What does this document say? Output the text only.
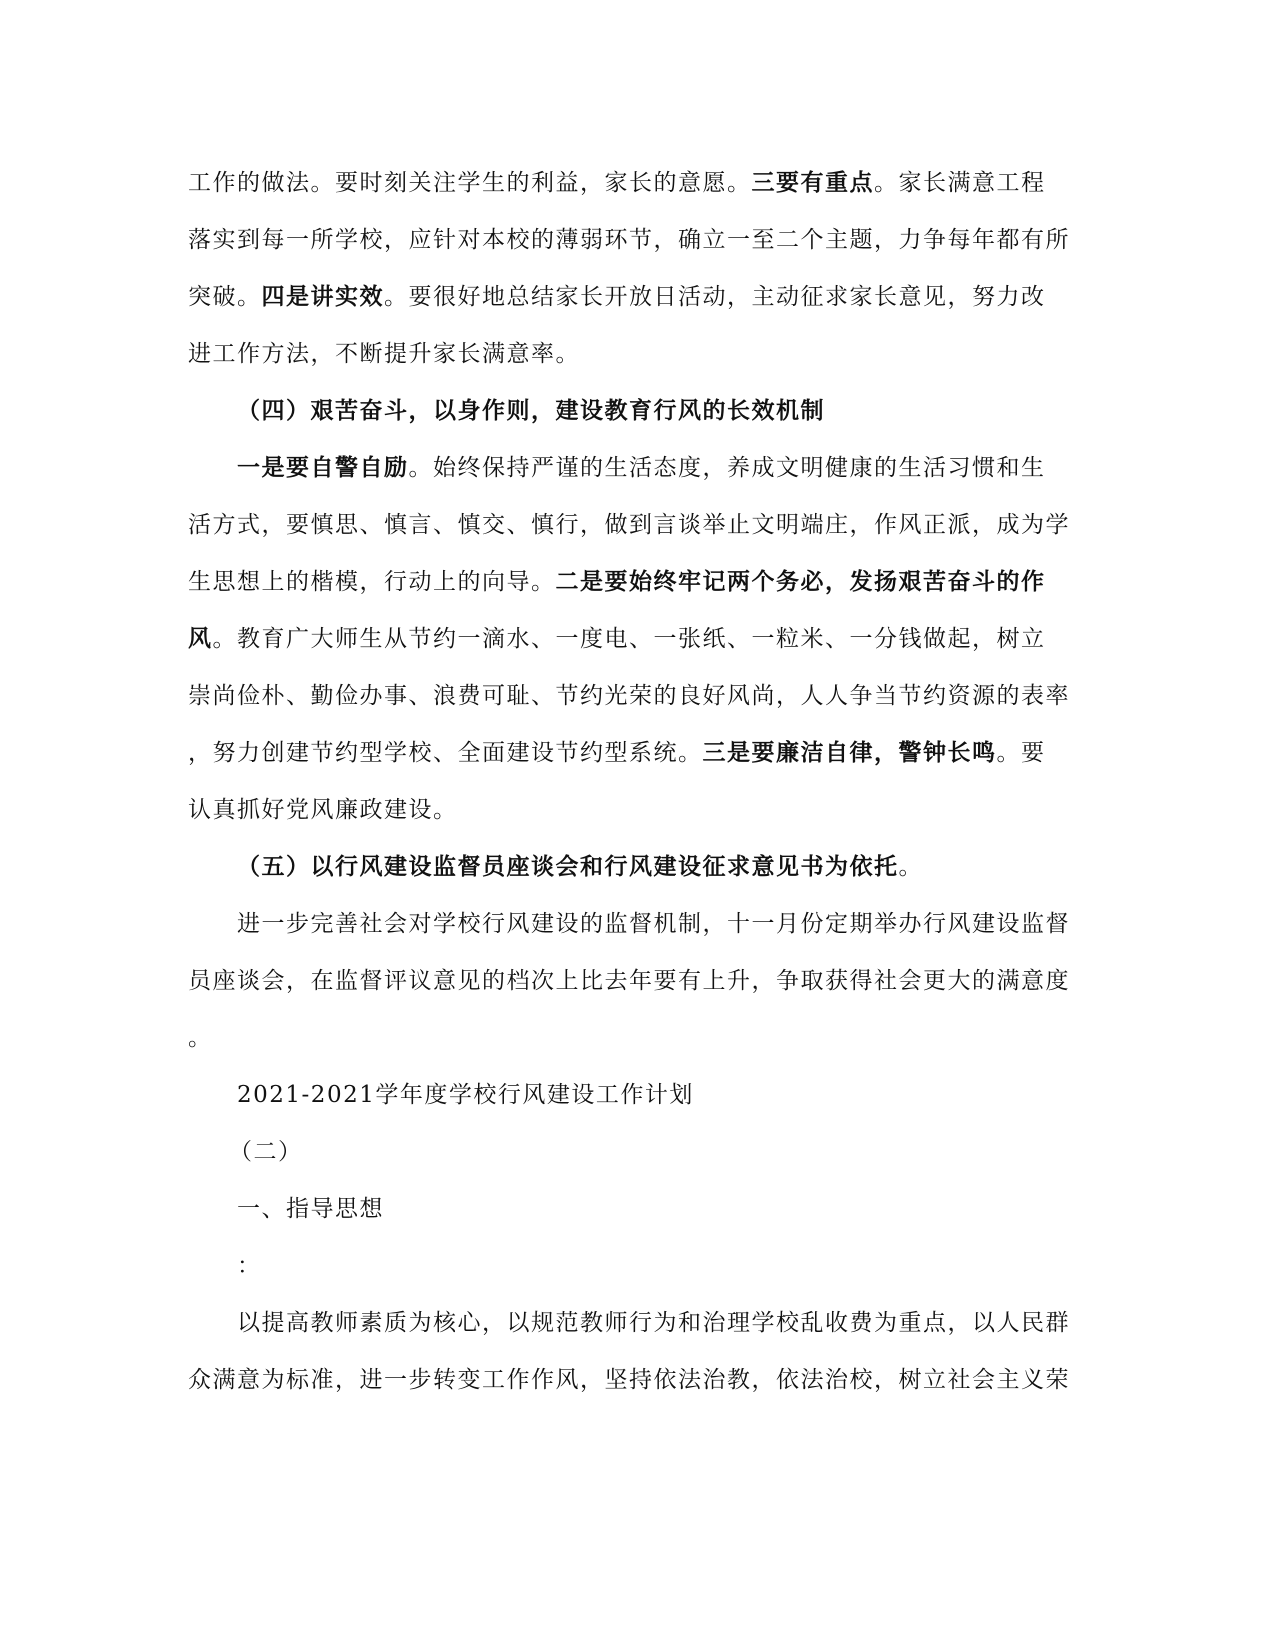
工作的做法。要时刻关注学生的利益，家长的意愿。三要有重点。家长满意工程
落实到每一所学校，应针对本校的薄弱环节，确立一至二个主题，力争每年都有所
突破。四是讲实效。要很好地总结家长开放日活动，主动征求家长意见，努力改
进工作方法，不断提升家长满意率。
（四）艰苦奋斗，以身作则，建设教育行风的长效机制
一是要自警自励。始终保持严谨的生活态度，养成文明健康的生活习惯和生
活方式，要慎思、慎言、慎交、慎行，做到言谈举止文明端庄，作风正派，成为学
生思想上的楷模，行动上的向导。二是要始终牢记两个务必，发扬艰苦奋斗的作
风。教育广大师生从节约一滴水、一度电、一张纸、一粒米、一分钱做起，树立
崇尚俭朴、勤俭办事、浪费可耻、节约光荣的良好风尚，人人争当节约资源的表率
，努力创建节约型学校、全面建设节约型系统。三是要廉洁自律，警钟长鸣。要
认真抓好党风廉政建设。
（五）以行风建设监督员座谈会和行风建设征求意见书为依托。
进一步完善社会对学校行风建设的监督机制，十一月份定期举办行风建设监督
员座谈会，在监督评议意见的档次上比去年要有上升，争取获得社会更大的满意度
。
2021-2021学年度学校行风建设工作计划
（二）
一、指导思想
：
以提高教师素质为核心，以规范教师行为和治理学校乱收费为重点，以人民群
众满意为标准，进一步转变工作作风，坚持依法治教，依法治校，树立社会主义荣
